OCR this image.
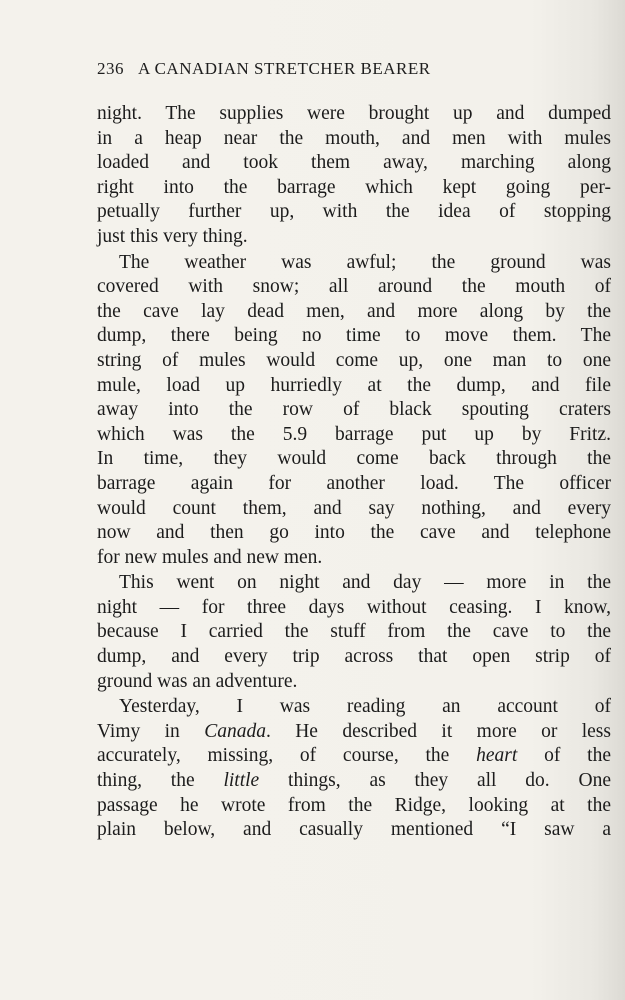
236 A CANADIAN STRETCHER BEARER
night. The supplies were brought up and dumped
in a heap near the mouth, and men with mules
loaded and took them away, marching along
right into the barrage which kept going per-
petually further up, with the idea of stopping
just this very thing.
The weather was awful; the ground was
covered with snow; all around the mouth of
the cave lay dead men, and more along by the
dump, there being no time to move them. The
string of mules would come up, one man to one
mule, load up hurriedly at the dump, and file
away into the row of black spouting craters
which was the 5.9 barrage put up by Fritz.
In time, they would come back through the
barrage again for another load. The officer
would count them, and say nothing, and every
now and then go into the cave and telephone
for new mules and new men.
This went on night and day — more in the
night — for three days without ceasing. I know,
because I carried the stuff from the cave to the
dump, and every trip across that open strip of
ground was an adventure.
Yesterday, I was reading an account of
Vimy in Canada. He described it more or less
accurately, missing, of course, the heart of the
thing, the little things, as they all do. One
passage he wrote from the Ridge, looking at the
plain below, and casually mentioned “I saw a
